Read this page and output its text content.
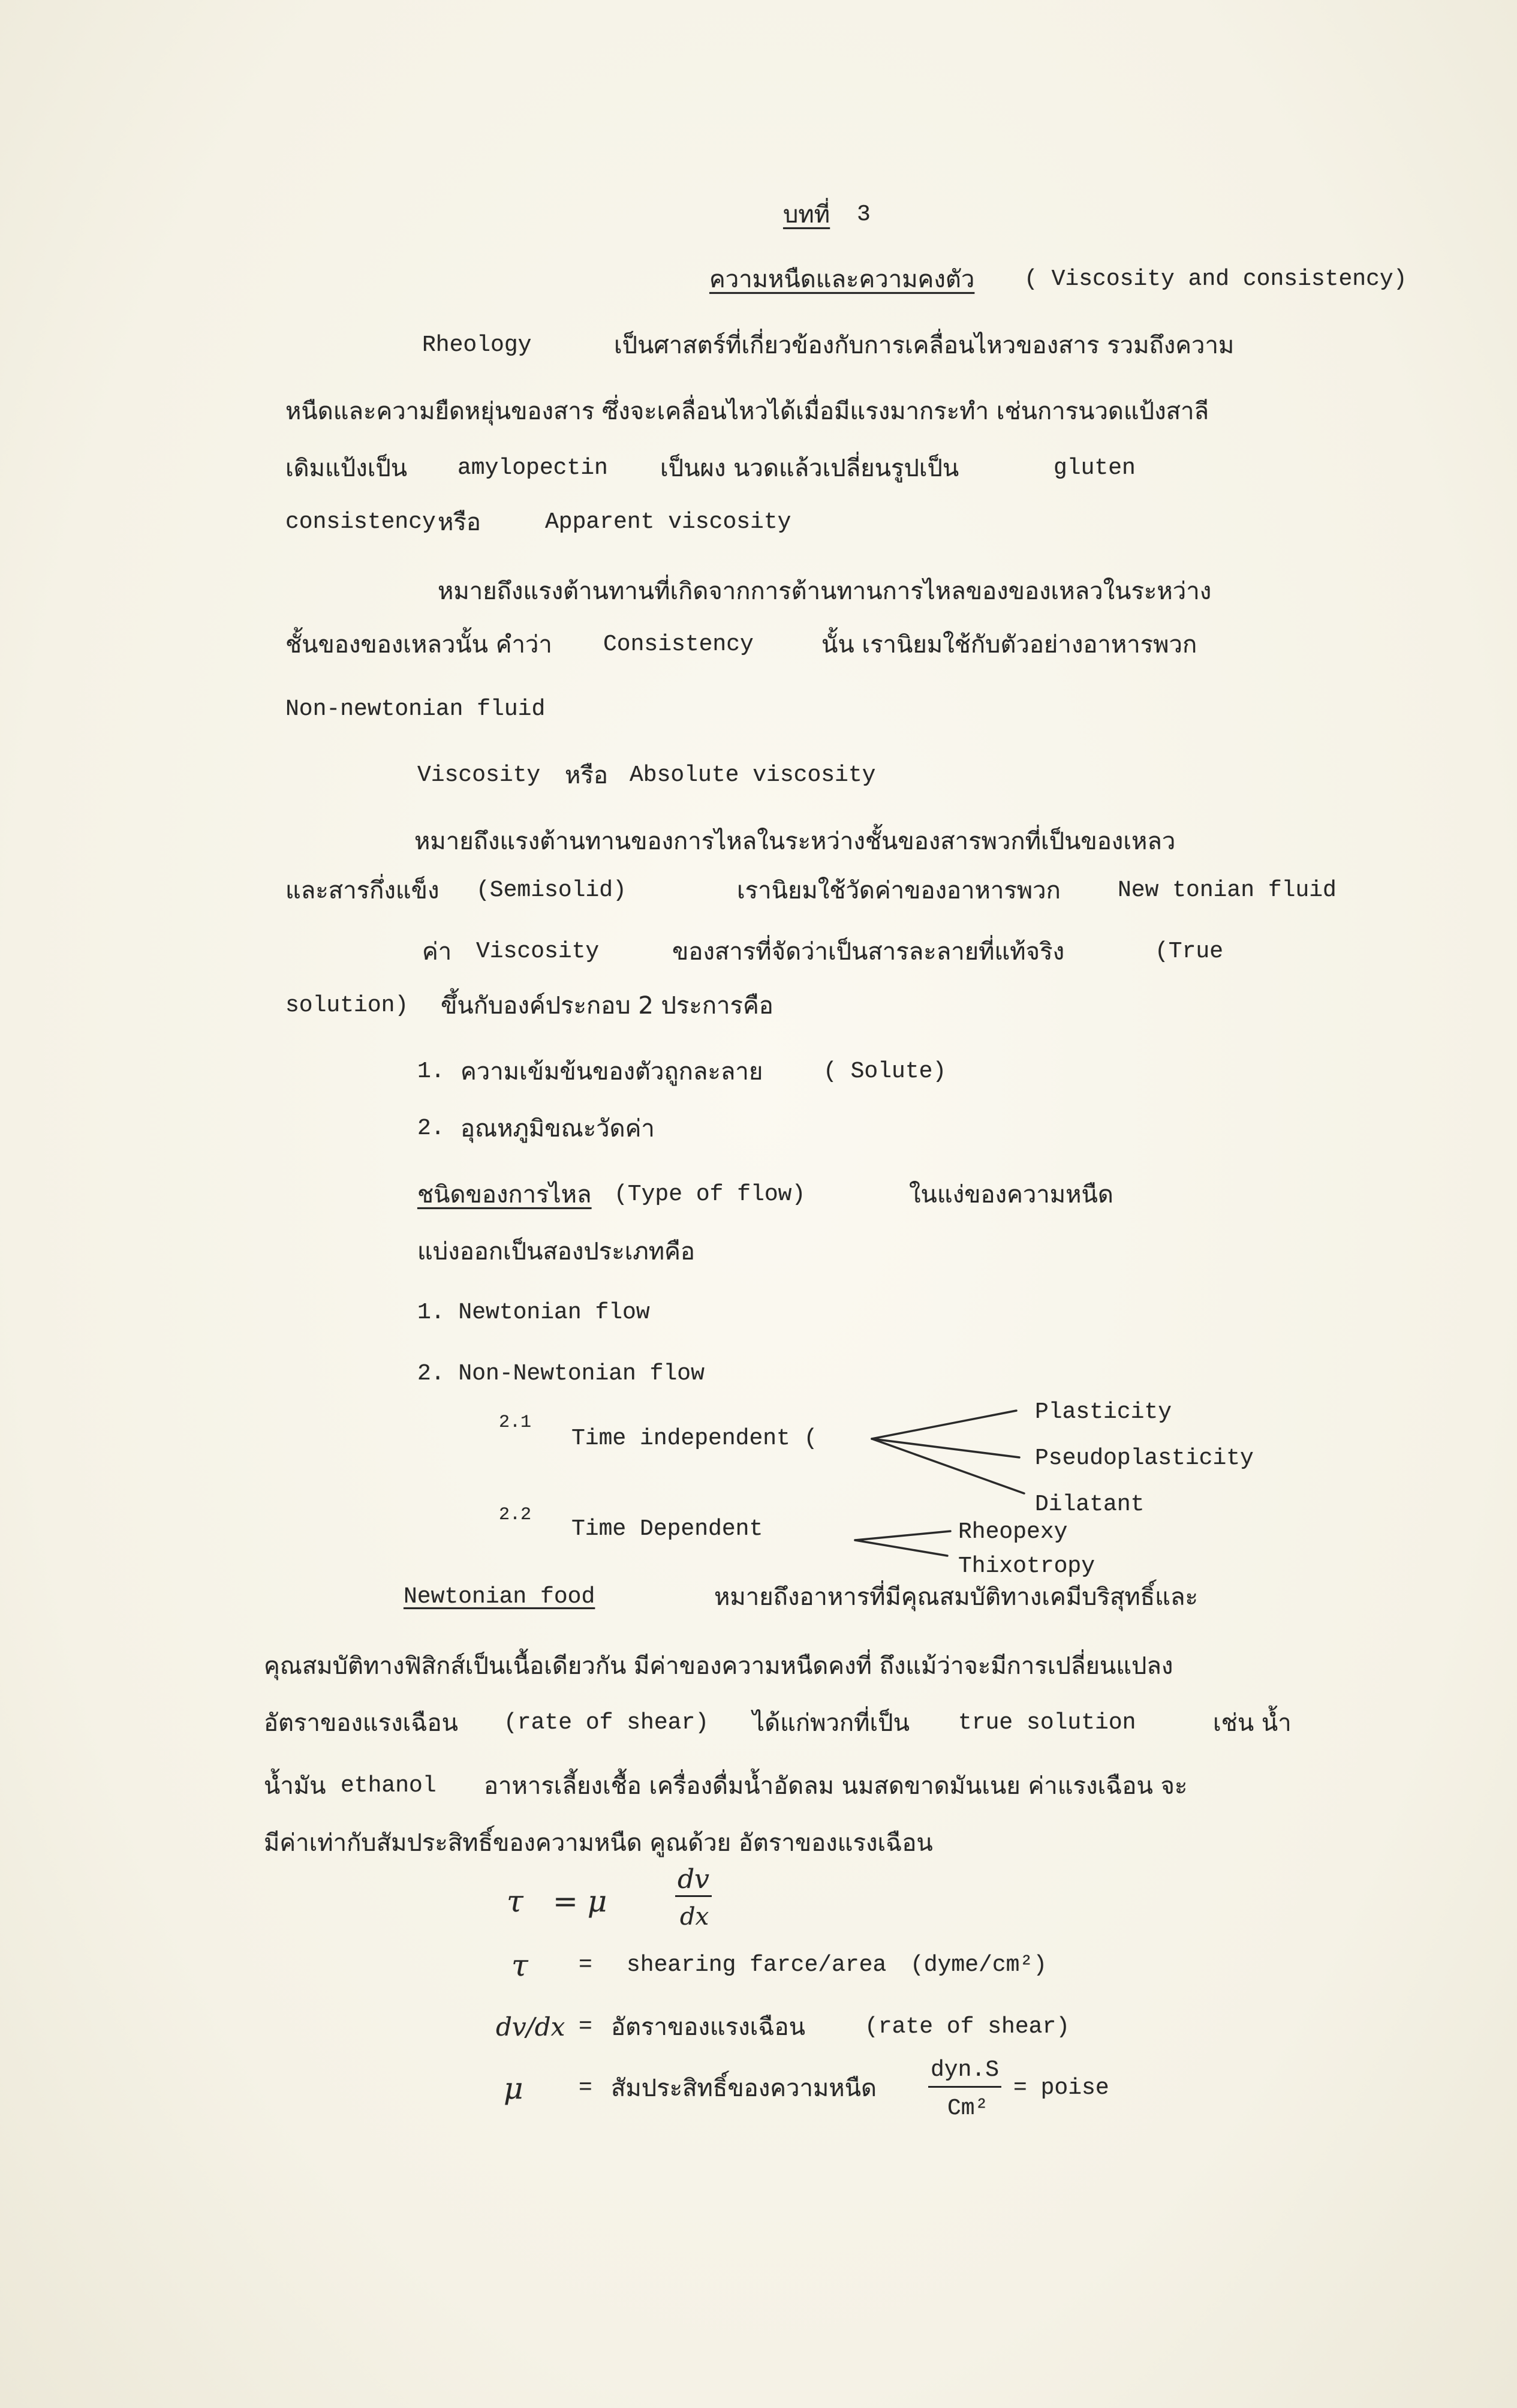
บทที่ 3
ความหนืดและความคงตัว ( Viscosity and consistency)
Rheology	เป็นศาสตร์ที่เกี่ยวข้องกับการเคลื่อนไหวของสาร รวมถึงความ
หนืดและความยืดหยุ่นของสาร ซึ่งจะเคลื่อนไหวได้เมื่อมีแรงมากระทำ เช่นการนวดแป้งสาลี
เดิมแป้งเป็น amylopectin เป็นผง นวดแล้วเปลี่ยนรูปเป็น	gluten
consistency หรือ	Apparent viscosity
หมายถึงแรงต้านทานที่เกิดจากการต้านทานการไหลของของเหลวในระหว่าง
ชั้นของของเหลวนั้น คำว่า Consistency	นั้น เรานิยมใช้กับตัวอย่างอาหารพวก
Non-newtonian fluid
Viscosity หรือ Absolute viscosity
หมายถึงแรงต้านทานของการไหลในระหว่างชั้นของสารพวกที่เป็นของเหลว
และสารกึ่งแข็ง (Semisolid)	เรานิยมใช้วัดค่าของอาหารพวก	New tonian fluid
ค่า Viscosity	ของสารที่จัดว่าเป็นสารละลายที่แท้จริง	(True
solution) ขึ้นกับองค์ประกอบ 2 ประการคือ
1. ความเข้มข้นของตัวถูกละลาย	( Solute)
2. อุณหภูมิขณะวัดค่า
ชนิดของการไหล (Type of flow)	ในแง่ของความหนืด
แบ่งออกเป็นสองประเภทคือ
1. Newtonian flow
2. Non-Newtonian flow
2.1
Time independent (
Plasticity
Pseudoplasticity
Dilatant
2.2
Time Dependent	Rheopexy
Thixotropy
Newtonian food	หมายถึงอาหารที่มีคุณสมบัติทางเคมีบริสุทธิ์และ
คุณสมบัติทางฟิสิกส์เป็นเนื้อเดียวกัน มีค่าของความหนืดคงที่ ถึงแม้ว่าจะมีการเปลี่ยนแปลง
อัตราของแรงเฉือน (rate of shear) ได้แก่พวกที่เป็น true solution	เช่น น้ำ
น้ำมัน ethanol อาหารเลี้ยงเชื้อ เครื่องดื่มน้ำอัดลม นมสดขาดมันเนย ค่าแรงเฉือน จะ
มีค่าเท่ากับสัมประสิทธิ์ของความหนืด คูณด้วย อัตราของแรงเฉือน
τ = μ
dv
dx
τ = shearing farce/area (dyme/cm²)
dv/dx = อัตราของแรงเฉือน	(rate of shear)
μ = สัมประสิทธิ์ของความหนืด
dyn.S
Cm²
= poise
